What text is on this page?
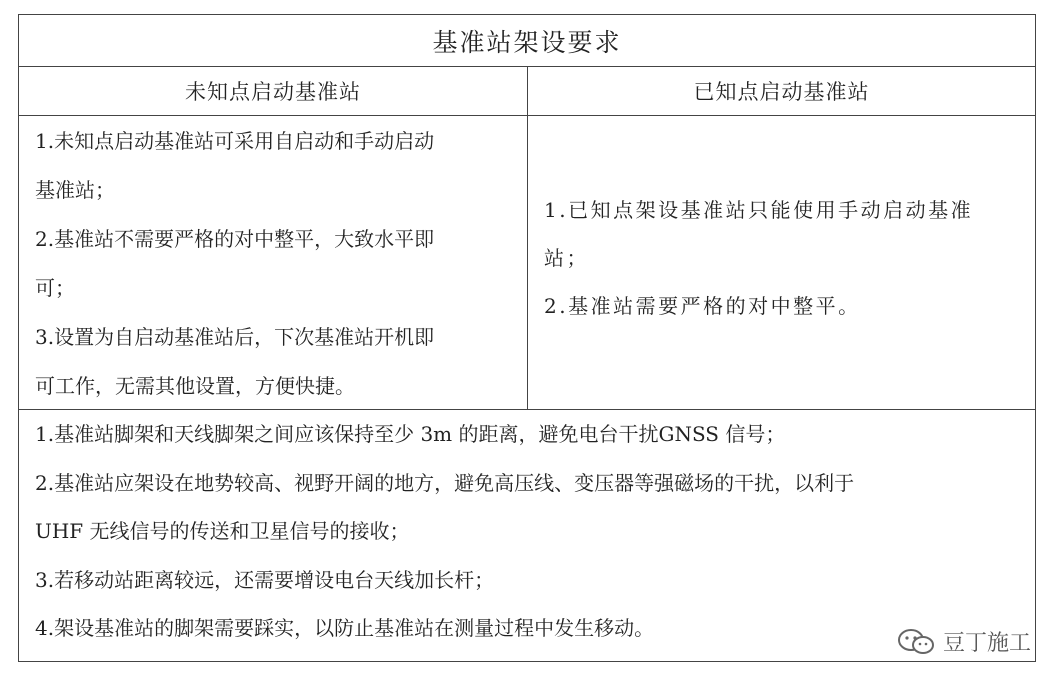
基准站架设要求
未知点启动基准站	已知点启动基准站

1.未知点启动基准站可采用自启动和手动启动

基准站；

2.基准站不需要严格的对中整平，大致水平即

可；

3.设置为自启动基准站后，下次基准站开机即

可工作，无需其他设置，方便快捷。

1.已知点架设基准站只能使用手动启动基准

站；

2.基准站需要严格的对中整平。

1.基准站脚架和天线脚架之间应该保持至少 3m 的距离，避免电台干扰GNSS 信号；

2.基准站应架设在地势较高、视野开阔的地方，避免高压线、变压器等强磁场的干扰，以利于

UHF 无线信号的传送和卫星信号的接收；

3.若移动站距离较远，还需要增设电台天线加长杆；

4.架设基准站的脚架需要踩实，以防止基准站在测量过程中发生移动。

豆丁施工
